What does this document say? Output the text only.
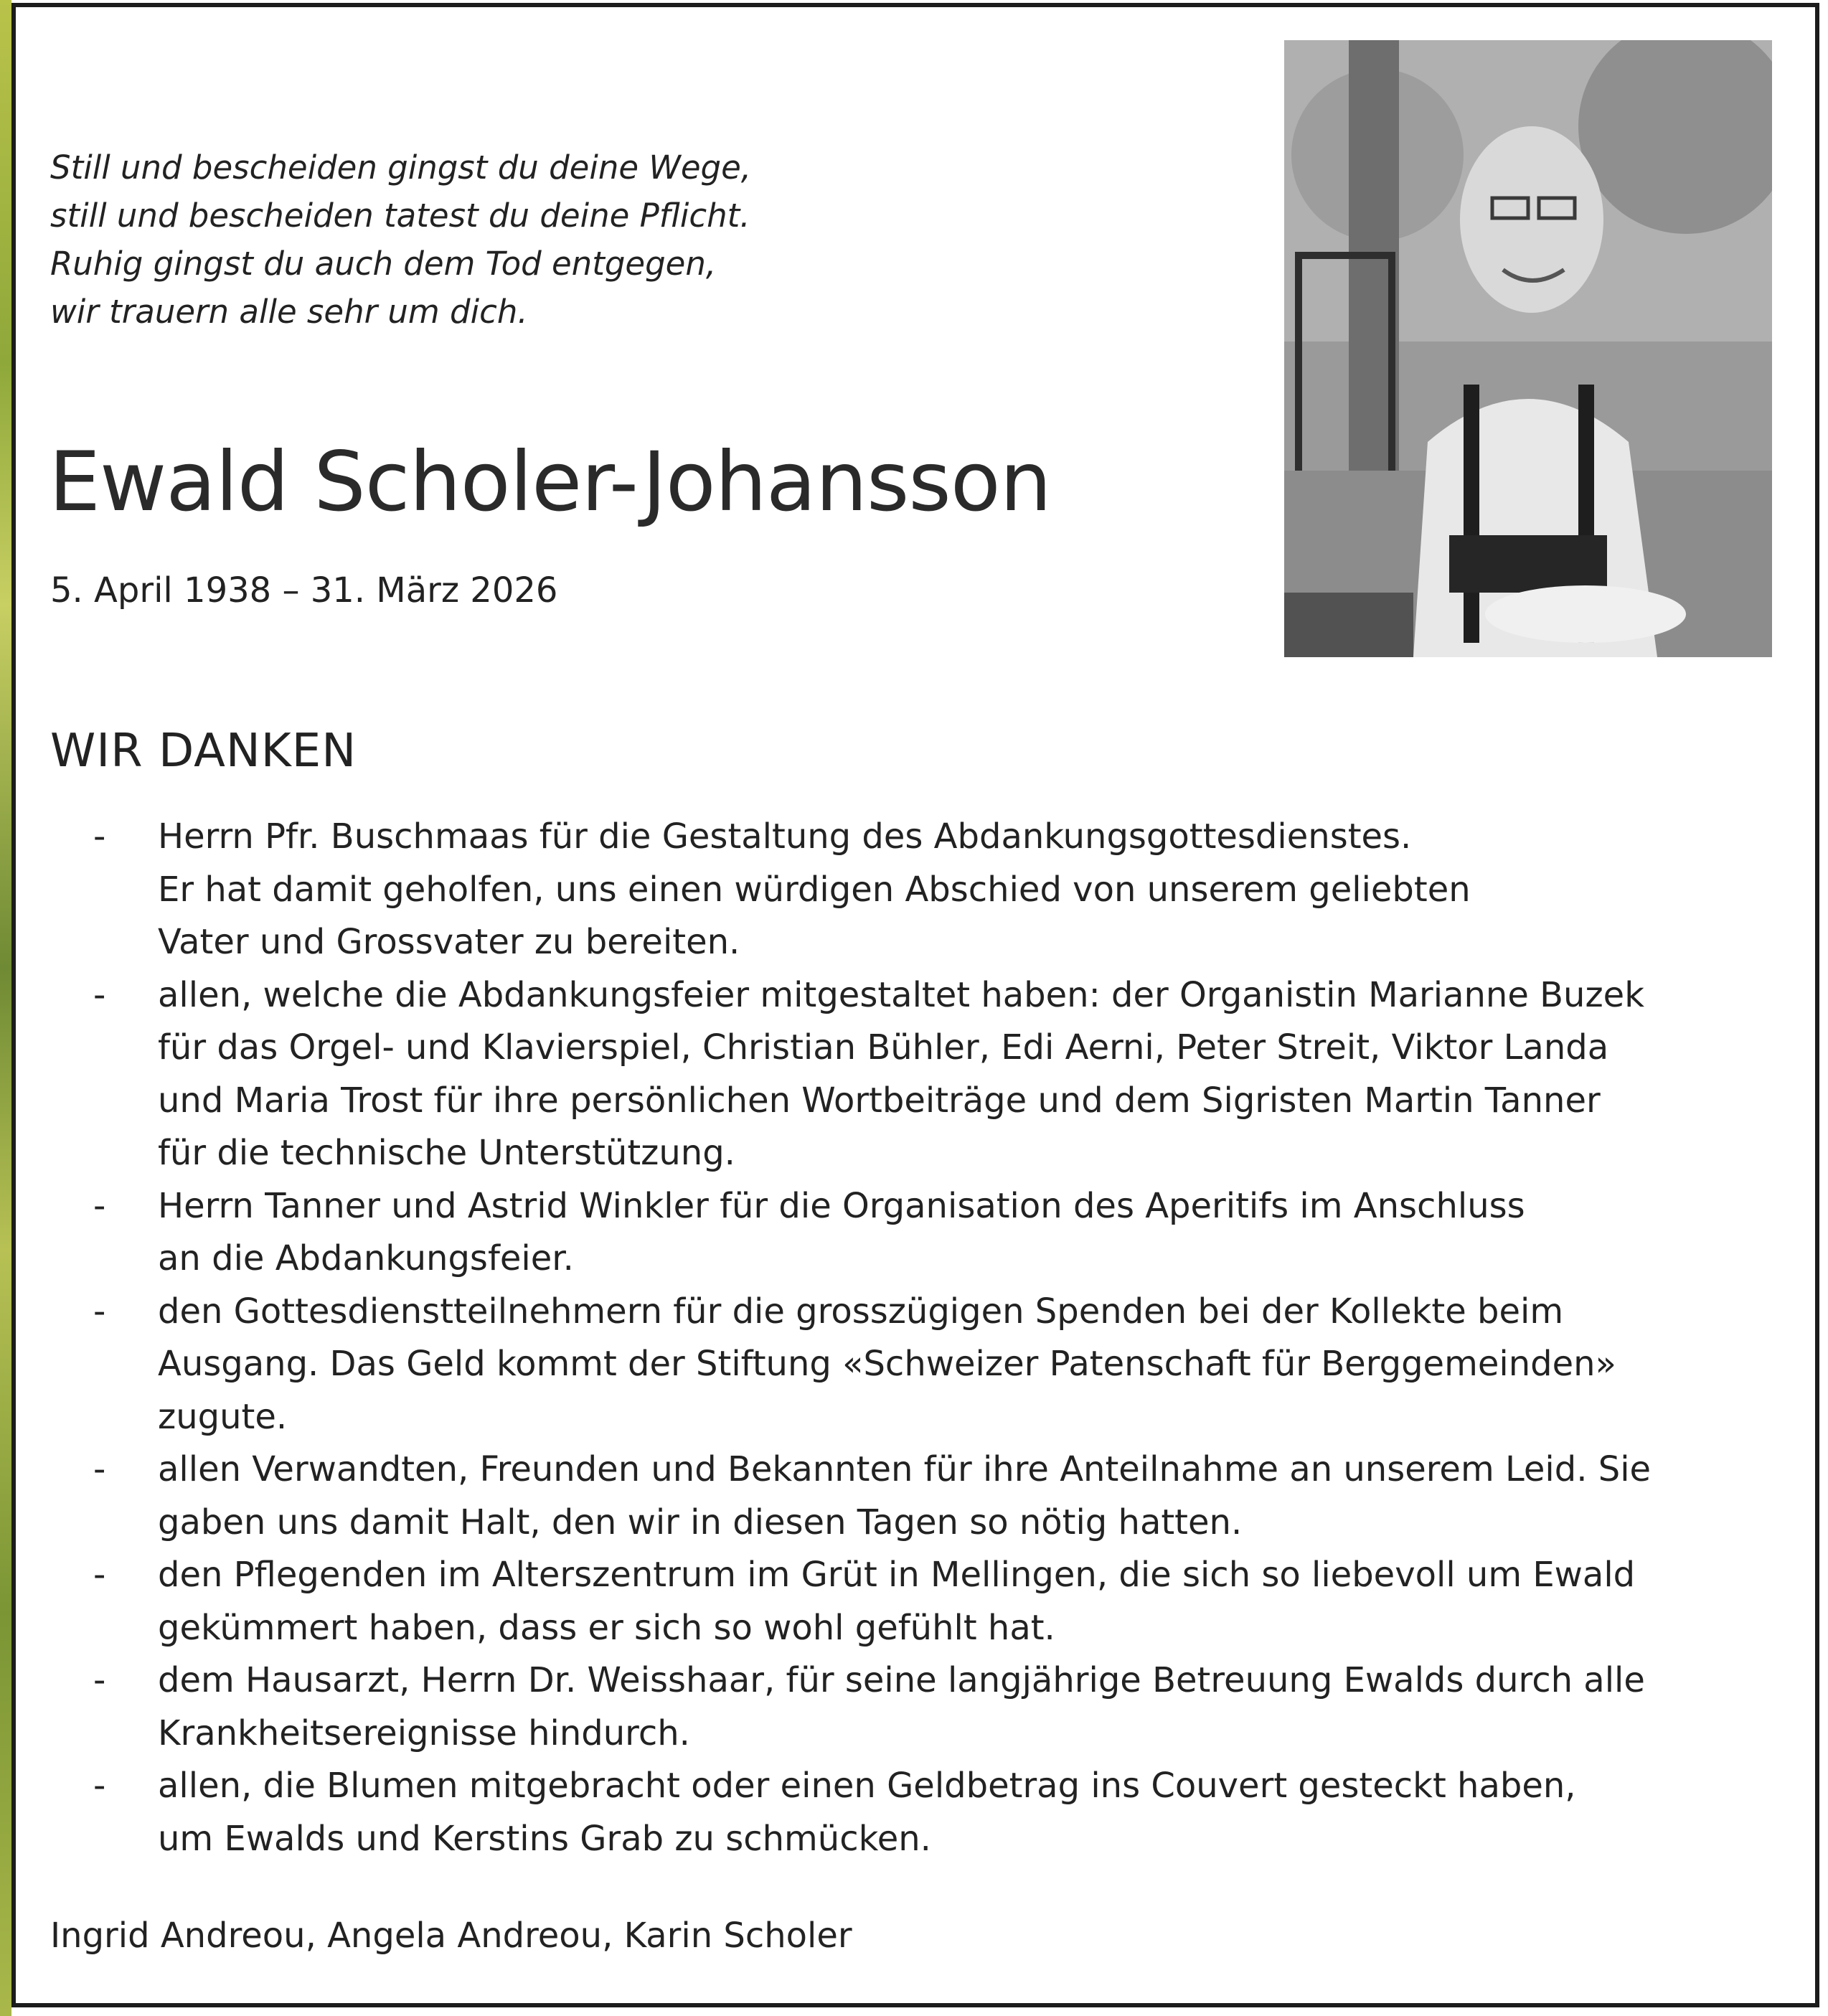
Still und bescheiden gingst du deine Wege,
still und bescheiden tatest du deine Pflicht.
Ruhig gingst du auch dem Tod entgegen,
wir trauern alle sehr um dich.
Ewald Scholer-Johansson
5. April 1938 – 31. März 2026
WIR DANKEN
- Herrn Pfr. Buschmaas für die Gestaltung des Abdankungsgottesdienstes.
Er hat damit geholfen, uns einen würdigen Abschied von unserem geliebten
Vater und Grossvater zu bereiten.
- allen, welche die Abdankungsfeier mitgestaltet haben: der Organistin Marianne Buzek
für das Orgel- und Klavierspiel, Christian Bühler, Edi Aerni, Peter Streit, Viktor Landa
und Maria Trost für ihre persönlichen Wortbeiträge und dem Sigristen Martin Tanner
für die technische Unterstützung.
- Herrn Tanner und Astrid Winkler für die Organisation des Aperitifs im Anschluss
an die Abdankungsfeier.
- den Gottesdienstteilnehmern für die grosszügigen Spenden bei der Kollekte beim
Ausgang. Das Geld kommt der Stiftung «Schweizer Patenschaft für Berggemeinden»
zugute.
- allen Verwandten, Freunden und Bekannten für ihre Anteilnahme an unserem Leid. Sie
gaben uns damit Halt, den wir in diesen Tagen so nötig hatten.
- den Pflegenden im Alterszentrum im Grüt in Mellingen, die sich so liebevoll um Ewald
gekümmert haben, dass er sich so wohl gefühlt hat.
- dem Hausarzt, Herrn Dr. Weisshaar, für seine langjährige Betreuung Ewalds durch alle
Krankheitsereignisse hindurch.
- allen, die Blumen mitgebracht oder einen Geldbetrag ins Couvert gesteckt haben,
um Ewalds und Kerstins Grab zu schmücken.
Ingrid Andreou, Angela Andreou, Karin Scholer
